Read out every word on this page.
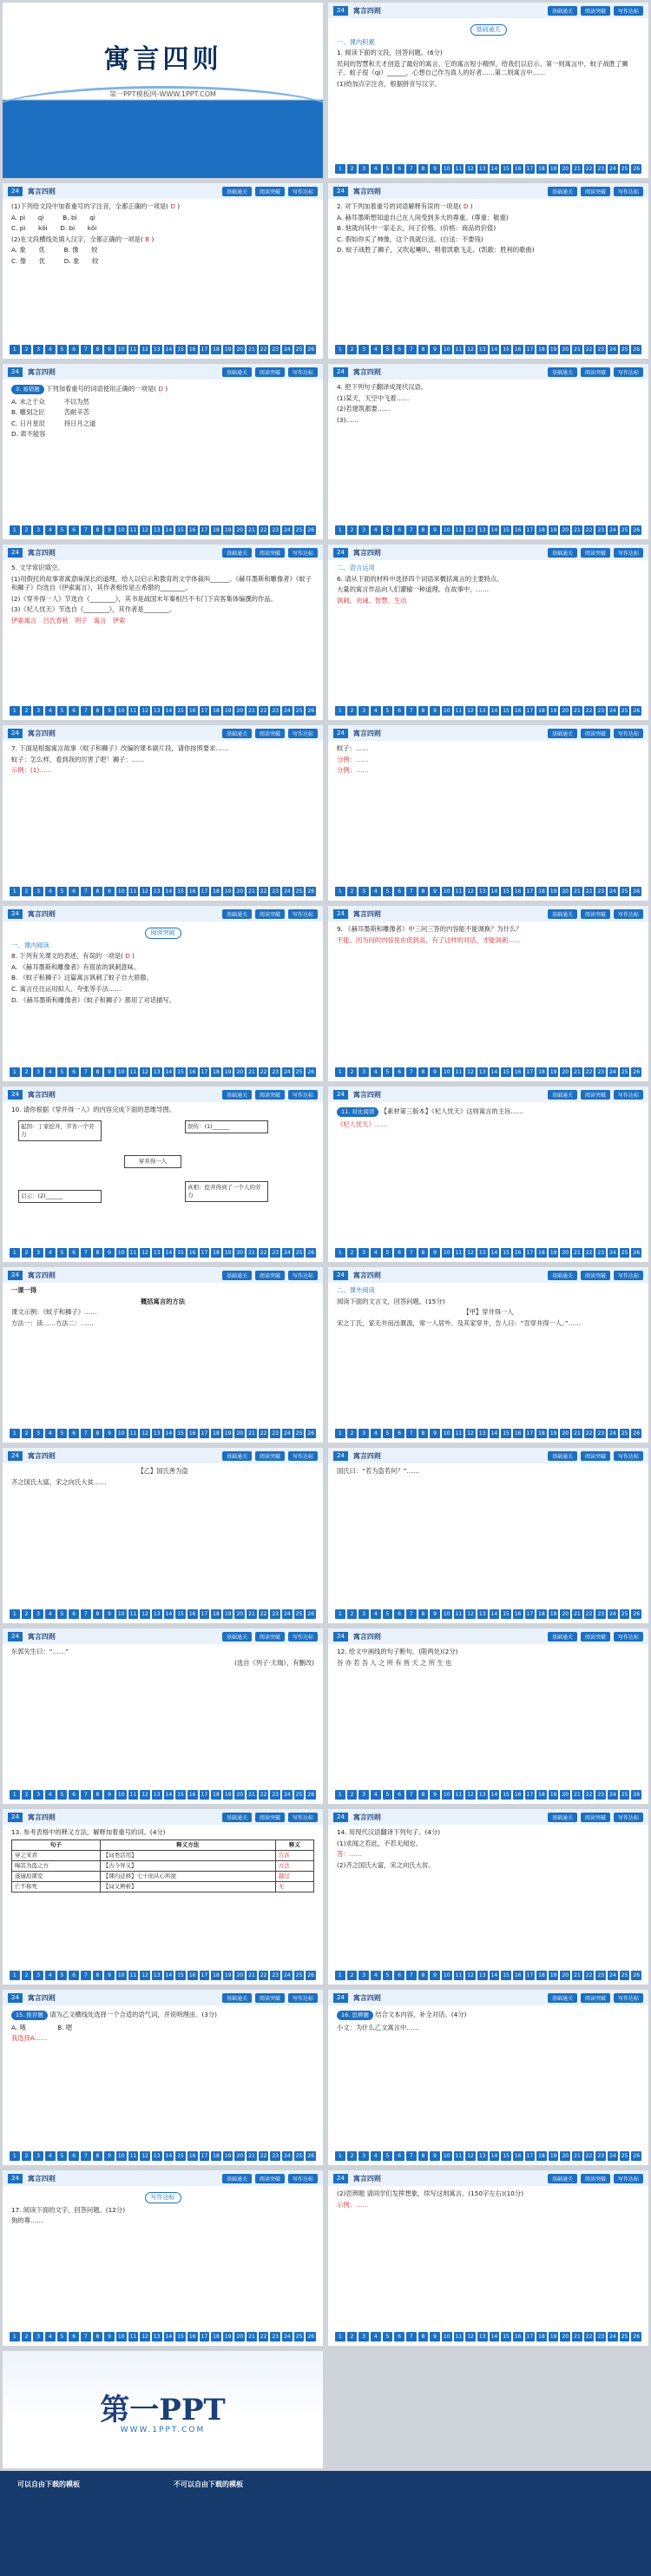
寓言四则
第一PPT模板网-WWW.1PPT.COM
24	寓言四则	基础通关	阅读突破	写作达标
基础通关
一、课内积累
1. 阅读下面的文段，回答问题。(6分)
民间的智慧和天才创造了最好的寓言，它的寓言短小精悍，给我们以启示。第一则寓言中，蚊子战胜了狮子。蚊子很（qì）______，心想自己作为真人的好者……第二则寓言中……
(1)给加点字注音，根据拼音写汉字。
1	2	3	4	5	6	7	8	9	10	11	12	13	14	15	16	17	18	19	20	21	22	23	24	25	26
24	寓言四则	基础通关	阅读突破	写作达标
(1)下列给文段中加着重号的字注音，全都正确的一项是( D )
A. pì　　qì　　　B. bì　　qì
C. pì　　kǒi　　D. bì　　kǒi
(2)在文段横线处填入汉字，全都正确的一项是( B )
A. 象　　优　　　B. 像　　较
C. 像　　优　　　D. 象　　较
1	2	3	4	5	6	7	8	9	10	11	12	13	14	15	16	17	18	19	20	21	22	23	24	25	26
24	寓言四则	基础通关	阅读突破	写作达标
2. 对下列加着重号的词语解释有误的一项是( D )
A. 赫耳墨斯想知道自己在人间受到多大的尊重。(尊重：敬重)
B. 他就向其中一家走去，问了价格。(价格：商品的价值)
C. 假如你买了神像，这个我就白送。(白送：不要钱)
D. 蚊子战胜了狮子，又吹起喇叭，唱着凯歌飞走。(凯歌：胜利的歌曲)
1	2	3	4	5	6	7	8	9	10	11	12	13	14	15	16	17	18	19	20	21	22	23	24	25	26
24	寓言四则	基础通关	阅读突破	写作达标
3. 易错题 下列加着重号的词语使用正确的一项是( D )
A. 未之于众　　　	不以为然
B. 雕刻之匠　　　	苦耐辛苦
C. 日月星辰　　　	持日月之道
D. 肃不能容　　　
1	2	3	4	5	6	7	8	9	10	11	12	13	14	15	16	17	18	19	20	21	22	23	24	25	26
24	寓言四则	基础通关	阅读突破	写作达标
4. 把下列句子翻译成现代汉语。
(1)某天，天空中飞着……
(2)若建筑都要……
(3)……
1	2	3	4	5	6	7	8	9	10	11	12	13	14	15	16	17	18	19	20	21	22	23	24	25	26
24	寓言四则	基础通关	阅读突破	写作达标
5. 文学常识填空。
(1)用假托的故事寄寓意味深长的道理，给人以启示和教育的文学体裁叫______。《赫耳墨斯和雕像者》《蚊子和狮子》均选自《伊索寓言》，其作者相传是古希腊的________。
(2)《穿井得一人》节选自《________》，其书是战国末年秦相吕不韦门下宾客集体编撰的作品。
(3)《杞人忧天》节选自《________》，其作者是________。
伊索寓言　 吕氏春秋　 列子　 寓言　 伊索
1	2	3	4	5	6	7	8	9	10	11	12	13	14	15	16	17	18	19	20	21	22	23	24	25	26
24	寓言四则	基础通关	阅读突破	写作达标
二、语言运用
6. 请从下面的材料中选择四个词语来概括寓言的主要特点。
大量的寓言作品向人们灌输一种道理。在故事中，……
讽刺、劝诫、智慧、生动
1	2	3	4	5	6	7	8	9	10	11	12	13	14	15	16	17	18	19	20	21	22	23	24	25	26
24	寓言四则	基础通关	阅读突破	写作达标
7. 下面是根据寓言故事《蚊子和狮子》改编的课本剧片段，请你按照要求……
蚊子：怎么样，看到我的厉害了吧！狮子：……
示例：(1)……
1	2	3	4	5	6	7	8	9	10	11	12	13	14	15	16	17	18	19	20	21	22	23	24	25	26
24	寓言四则	基础通关	阅读突破	写作达标
蚊子：……
分例：……
分例：……
1	2	3	4	5	6	7	8	9	10	11	12	13	14	15	16	17	18	19	20	21	22	23	24	25	26
24	寓言四则	基础通关	阅读突破	写作达标
阅读突破
一、课内阅读
8. 下列有关课文的表述，有误的一项是( D )
A. 《赫耳墨斯和雕像者》有很浓的讽刺意味。
B. 《蚊子和狮子》这篇寓言讽刺了蚊子自大骄傲。
C. 寓言往往运用拟人、夸张等手法……
D. 《赫耳墨斯和雕像者》《蚊子和狮子》都用了对话描写。
1	2	3	4	5	6	7	8	9	10	11	12	13	14	15	16	17	18	19	20	21	22	23	24	25	26
24	寓言四则	基础通关	阅读突破	写作达标
9. 《赫耳墨斯和雕像者》中三问三答的内容能不能调换？为什么？
不能。因为问的内容是由低到高，有了这样的对话，才能讽刺……
1	2	3	4	5	6	7	8	9	10	11	12	13	14	15	16	17	18	19	20	21	22	23	24	25	26
24	寓言四则	基础通关	阅读突破	写作达标
10. 请你根据《穿井得一人》的内容完成下面的思维导图。
起因：丁家挖井，节省一个劳力
误传：(1)______
穿井得一人
真相：挖井得到了一个人的劳力
启示：(2)______
1	2	3	4	5	6	7	8	9	10	11	12	13	14	15	16	17	18	19	20	21	22	23	24	25	26
24	寓言四则	基础通关	阅读突破	写作达标
11. 对比阅读 【素材第三版本】《杞人忧天》这则寓言的主旨……
《杞人忧天》……
1	2	3	4	5	6	7	8	9	10	11	12	13	14	15	16	17	18	19	20	21	22	23	24	25	26
24	寓言四则	基础通关	阅读突破	写作达标
一课一得
概括寓言的方法
课文示例：《蚊子和狮子》……
方法一：读……方法二：……
1	2	3	4	5	6	7	8	9	10	11	12	13	14	15	16	17	18	19	20	21	22	23	24	25	26
24	寓言四则	基础通关	阅读突破	写作达标
二、课外阅读
阅读下面的文言文，回答问题。(15分)
【甲】穿井得一人
宋之丁氏，家无井而出溉汲，常一人居外。及其家穿井，告人曰：“吾穿井得一人。”……
1	2	3	4	5	6	7	8	9	10	11	12	13	14	15	16	17	18	19	20	21	22	23	24	25	26
24	寓言四则	基础通关	阅读突破	写作达标
【乙】国氏善为盗
齐之国氏大富，宋之向氏大贫……
1	2	3	4	5	6	7	8	9	10	11	12	13	14	15	16	17	18	19	20	21	22	23	24	25	26
24	寓言四则	基础通关	阅读突破	写作达标
国氏曰：“若为盗若何？”……
1	2	3	4	5	6	7	8	9	10	11	12	13	14	15	16	17	18	19	20	21	22	23	24	25	26
24	寓言四则	基础通关	阅读突破	写作达标
东郭先生曰：“……”
(选自《列子·天瑞》，有删改)
1	2	3	4	5	6	7	8	9	10	11	12	13	14	15	16	17	18	19	20	21	22	23	24	25	26
24	寓言四则	基础通关	阅读突破	写作达标
12. 给文中画线的句子断句。(限两处)(2分)
谷 亦 若 吾 人 之 所 有 皆 天 之 所 生 也
1	2	3	4	5	6	7	8	9	10	11	12	13	14	15	16	17	18	19	20	21	22	23	24	25	26
24	寓言四则	基础通关	阅读突破	写作达标
13. 参考表格中的释义方法，解释加着重号的词。(4分)
句子	释义方法	释义
穿之宋君	【词类活用】	告诉
嗥其为盗之方	【古今异义】	方法
遂逾垣凿室	【课内迁移】七十而从心所欲	越过
亡不称死	【词义辨析】	无
1	2	3	4	5	6	7	8	9	10	11	12	13	14	15	16	17	18	19	20	21	22	23	24	25	26
24	寓言四则	基础通关	阅读突破	写作达标
14. 用现代汉语翻译下列句子。(4分)
(1)求闻之若此，不若无闻也。
答：……
(2)齐之国氏大富，宋之向氏大贫。
1	2	3	4	5	6	7	8	9	10	11	12	13	14	15	16	17	18	19	20	21	22	23	24	25	26
24	寓言四则	基础通关	阅读突破	写作达标
15. 推荐题 请为乙文横线处选择一个合适的语气词，并说明理由。(3分)
A. 哦　　　　　B. 嗯
我选择A……
1	2	3	4	5	6	7	8	9	10	11	12	13	14	15	16	17	18	19	20	21	22	23	24	25	26
24	寓言四则	基础通关	阅读突破	写作达标
16. 思辨题 结合文本内容，补全对话。(4分)
小文：为什么乙文寓言中……
1	2	3	4	5	6	7	8	9	10	11	12	13	14	15	16	17	18	19	20	21	22	23	24	25	26
24	寓言四则	基础通关	阅读突破	写作达标
写作达标
17. 阅读下面的文字，回答问题。(12分)
狗的尊……
1	2	3	4	5	6	7	8	9	10	11	12	13	14	15	16	17	18	19	20	21	22	23	24	25	26
24	寓言四则	基础通关	阅读突破	写作达标
(2)思辨题 请同学们发挥想象，续写这则寓言。(150字左右)(10分)
示例：……
1	2	3	4	5	6	7	8	9	10	11	12	13	14	15	16	17	18	19	20	21	22	23	24	25	26
第一PPT
WWW.1PPT.COM
可以自由下载的模板	不可以自由下载的模板
